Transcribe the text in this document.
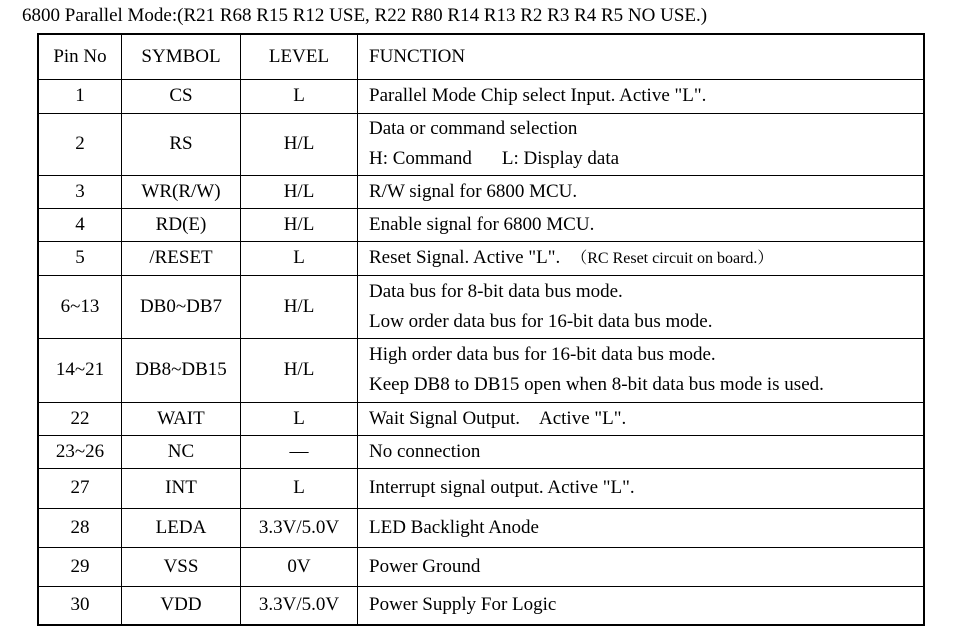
6800 Parallel Mode:(R21 R68 R15 R12 USE, R22 R80 R14 R13 R2 R3 R4 R5 NO USE.)
Pin No	SYMBOL	LEVEL	FUNCTION
1	CS	L	Parallel Mode Chip select Input. Active "L".

2	RS	H/L	Data or command selection
H: Command L: Display data

3	WR(R/W)	H/L	R/W signal for 6800 MCU.

4	RD(E)	H/L	Enable signal for 6800 MCU.

5	/RESET	L	Reset Signal. Active "L".　（RC Reset circuit on board.）

6~13	DB0~DB7	H/L	Data bus for 8-bit data bus mode.
Low order data bus for 16-bit data bus mode.

14~21	DB8~DB15	H/L	High order data bus for 16-bit data bus mode.
Keep DB8 to DB15 open when 8-bit data bus mode is used.

22	WAIT	L	Wait Signal Output.　Active "L".

23~26	NC	—	No connection

27	INT	L	Interrupt signal output. Active "L".

28	LEDA	3.3V/5.0V	LED Backlight Anode

29	VSS	0V	Power Ground

30	VDD	3.3V/5.0V	Power Supply For Logic
